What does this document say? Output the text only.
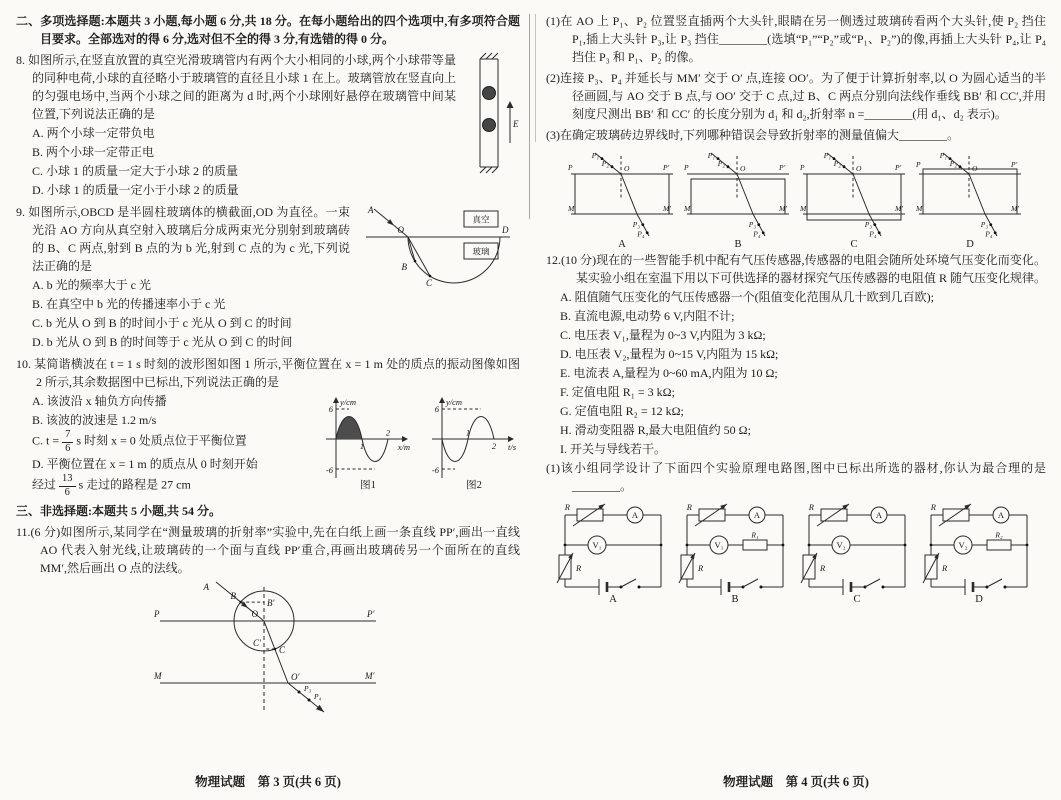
二、多项选择题:本题共 3 小题,每小题 6 分,共 18 分。在每小题给出的四个选项中,有多项符合题目要求。全部选对的得 6 分,选对但不全的得 3 分,有选错的得 0 分。

E

8. 如图所示,在竖直放置的真空光滑玻璃管内有两个大小相同的小球,两个小球带等量的同种电荷,小球的直径略小于玻璃管的直径且小球 1 在上。玻璃管放在竖直向上的匀强电场中,当两个小球之间的距离为 d 时,两个小球刚好悬停在玻璃管中间某位置,下列说法正确的是

A. 两个小球一定带负电

B. 两个小球一定带正电

C. 小球 1 的质量一定大于小球 2 的质量

D. 小球 1 的质量一定小于小球 2 的质量

A
O	D
B
C
真空
玻璃

9. 如图所示,OBCD 是半圆柱玻璃体的横截面,OD 为直径。一束光沿 AO 方向从真空射入玻璃后分成两束光分别射到玻璃砖的 B、C 两点,射到 B 点的为 b 光,射到 C 点的为 c 光,下列说法正确的是

A. b 光的频率大于 c 光

B. 在真空中 b 光的传播速率小于 c 光

C. b 光从 O 到 B 的时间小于 c 光从 O 到 C 的时间

D. b 光从 O 到 B 的时间等于 c 光从 O 到 C 的时间

10. 某简谐横波在 t = 1 s 时刻的波形图如图 1 所示,平衡位置在 x = 1 m 处的质点的振动图像如图 2 所示,其余数据图中已标出,下列说法正确的是

y/cm
x/m
6
-6
1
2
图1
y/cm
t/s
6
-6
1
2
图2

A. 该波沿 x 轴负方向传播

B. 该波的波速是 1.2 m/s

C. $t = \frac{7}{6}$ s 时刻 x = 0 处质点位于平衡位置

D. 平衡位置在 x = 1 m 的质点从 0 时刻开始

经过 $\frac{13}{6}$ s 走过的路程是 27 cm

三、非选择题:本题共 5 小题,共 54 分。

11.(6 分)如图所示,某同学在“测量玻璃的折射率”实验中,先在白纸上画一条直线 PP′,画出一直线 AO 代表入射光线,让玻璃砖的一个面与直线 PP′重合,再画出玻璃砖另一个面所在的直线 MM′,然后画出 O 点的法线。

P	P′
M	M′
A
B
B′
O
C
C′
O′
P₃
P₄
物理试题　第 3 页(共 6 页)

(1)在 AO 上 P₁、P₂ 位置竖直插两个大头针,眼睛在另一侧透过玻璃砖看两个大头针,使 P₂ 挡住 P₁,插上大头针 P₃,让 P₃ 挡住________(选填“P₁”“P₂”或“P₁、P₂”)的像,再插上大头针 P₄,让 P₄ 挡住 P₃ 和 P₁、P₂ 的像。

(2)连接 P₃、P₄ 并延长与 MM′ 交于 O′ 点,连接 OO′。为了便于计算折射率,以 O 为圆心适当的半径画圆,与 AO 交于 B 点,与 OO′ 交于 C 点,过 B、C 两点分别向法线作垂线 BB′ 和 CC′,并用刻度尺测出 BB′ 和 CC′ 的长度分别为 d₁ 和 d₂,折射率 n =________(用 d₁、d₂ 表示)。

(3)在确定玻璃砖边界线时,下列哪种错误会导致折射率的测量值偏大________。

P	P′
M	M′
O
P₁
P₂
P₃
P₄
A
P	P′
M	M′
O
P₁
P₂
P₃
P₄
B
P	P′
M	M′
O
P₁
P₂
P₃
P₄
C
P	P′
M	M′
O
P₁
P₂
P₃
P₄
D

12.(10 分)现在的一些智能手机中配有气压传感器,传感器的电阻会随所处环境气压变化而变化。某实验小组在室温下用以下可供选择的器材探究气压传感器的电阻值 R 随气压变化规律。

A. 阻值随气压变化的气压传感器一个(阻值变化范围从几十欧到几百欧);

B. 直流电源,电动势 6 V,内阻不计;

C. 电压表 V₁,量程为 0~3 V,内阻为 3 kΩ;

D. 电压表 V₂,量程为 0~15 V,内阻为 15 kΩ;

E. 电流表 A,量程为 0~60 mA,内阻为 10 Ω;

F. 定值电阻 R₁ = 3 kΩ;

G. 定值电阻 R₂ = 12 kΩ;

H. 滑动变阻器 R,最大电阻值约 50 Ω;

I. 开关与导线若干。

(1)该小组同学设计了下面四个实验原理电路图,图中已标出所选的器材,你认为最合理的是________。

R
A
V₁
R
A
R
A
V₁
R₁
R
B
R
A
V₂
R
C
R
A
V₂
R₂
R
D
物理试题　第 4 页(共 6 页)
